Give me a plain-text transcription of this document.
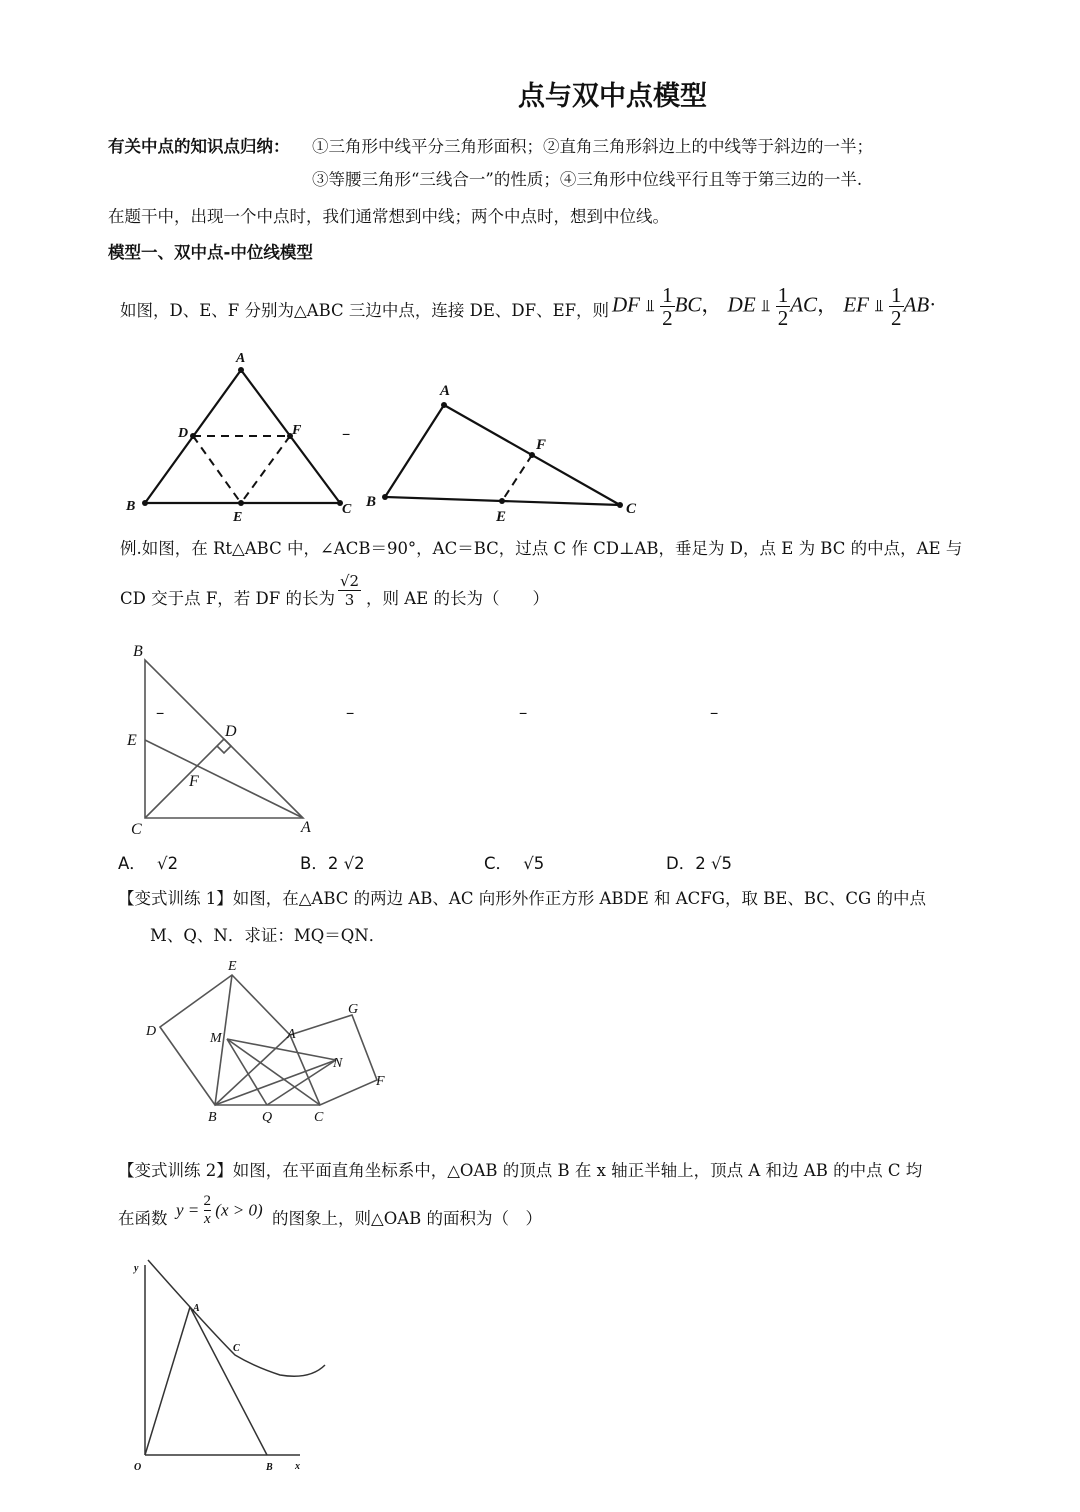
点与双中点模型
有关中点的知识点归纳： ①三角形中线平分三角形面积；②直角三角形斜边上的中线等于斜边的一半；
③等腰三角形“三线合一”的性质；④三角形中位线平行且等于第三边的一半.
在题干中，出现一个中点时，我们通常想到中线；两个中点时，想到中位线。
模型一、双中点-中位线模型
如图，D、E、F 分别为△ABC 三边中点，连接 DE、DF、EF，则 DF ⫫ $\frac{1}{2}$ BC， DE ⫫ $\frac{1}{2}$ AC， EF ⫫ $\frac{1}{2} AB\cdot$
A
B	C
D	F
E
–
A
B	C
F
E
例.如图，在 Rt△ABC 中，∠ACB＝90°，AC＝BC，过点 C 作 CD⊥AB，垂足为 D，点 E 为 BC 的中点，AE 与
CD 交于点 F，若 DF 的长为
√2
3 ，则 AE 的长为（　　）
B
E
D
F
C	A
–	–	–	–
A． √2	B．2 √2	C． √5	D．2 √5
【变式训练 1】如图，在△ABC 的两边 AB、AC 向形外作正方形 ABDE 和 ACFG，取 BE、BC、CG 的中点
M、Q、N．求证：MQ＝QN．
E
D	M	A
G
N
F
B	Q	C
【变式训练 2】如图，在平面直角坐标系中，△OAB 的顶点 B 在 x 轴正半轴上，顶点 A 和边 AB 的中点 C 均
在函数 $y = \frac{2}{x} (x > 0)$ 的图象上，则△OAB 的面积为（　）
y
O
A
C
B x
